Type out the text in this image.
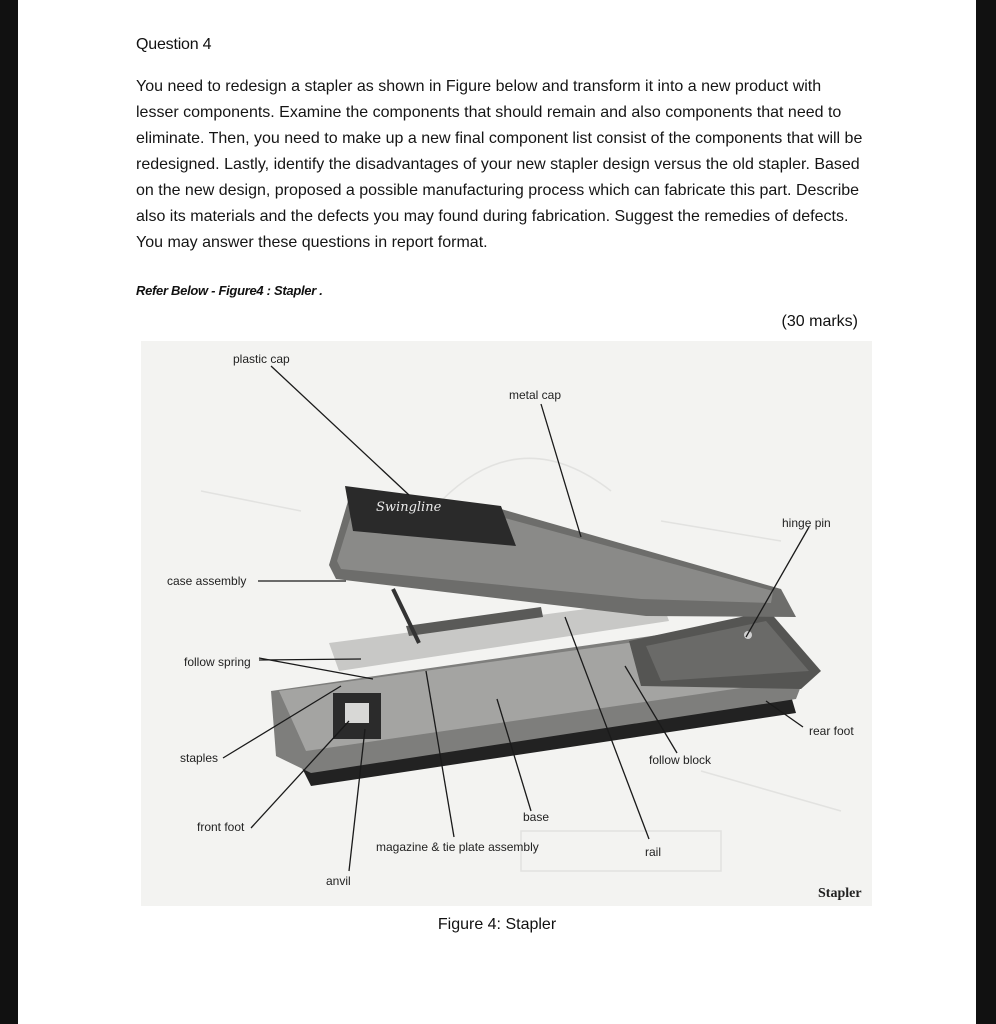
Question 4

You need to redesign a stapler as shown in Figure below and transform it into a new product with lesser components. Examine the components that should remain and also components that need to eliminate. Then, you need to make up a new final component list consist of the components that will be redesigned. Lastly, identify the disadvantages of your new stapler design versus the old stapler. Based on the new design, proposed a possible manufacturing process which can fabricate this part. Describe also its materials and the defects you may found during fabrication. Suggest the remedies of defects. You may answer these questions in report format.

Refer Below - Figure4 : Stapler .
(30 marks)
Swingline
plastic cap
metal cap
hinge pin
case assembly
follow spring
rear foot
staples	follow block
base
front foot
magazine & tie plate assembly	rail
anvil
Stapler
Figure 4: Stapler
